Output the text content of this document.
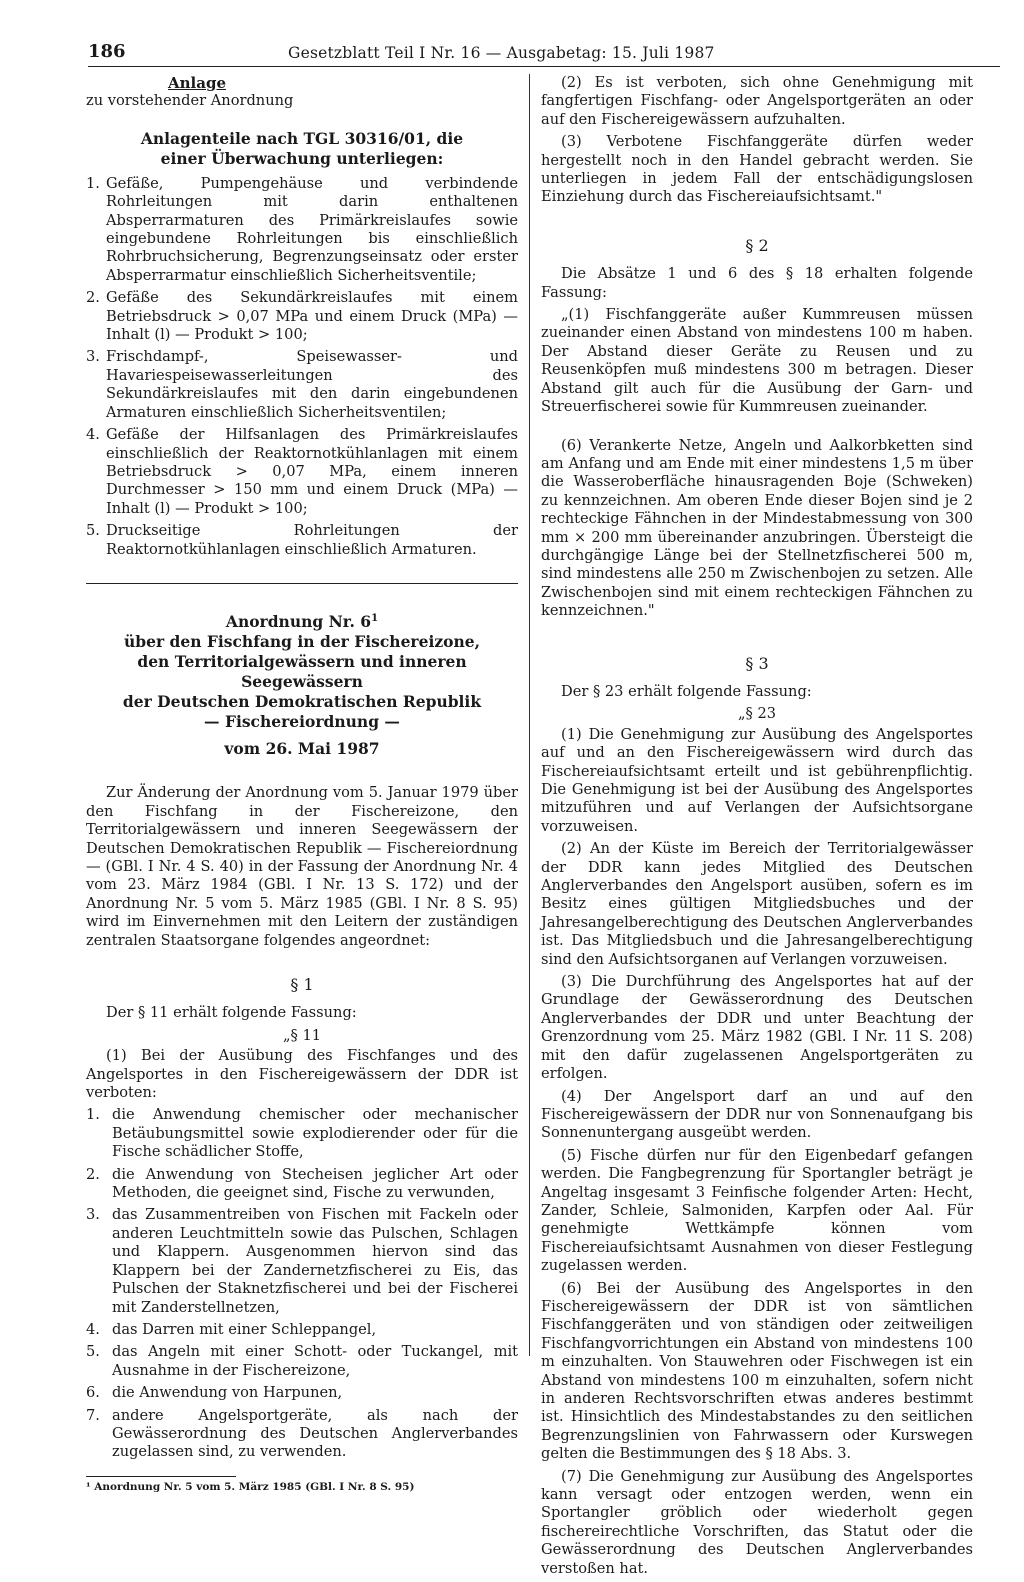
186	Gesetzblatt Teil I Nr. 16 — Ausgabetag: 15. Juli 1987
Anlage

zu vorstehender Anordnung

Anlagenteile nach TGL 30316/01, die einer Überwachung unterliegen:
1. Gefäße, Pumpengehäuse und verbindende Rohrleitungen mit darin enthaltenen Absperrarmaturen des Primärkreislaufes sowie eingebundene Rohrleitungen bis einschließlich Rohrbruchsicherung, Begrenzungseinsatz oder erster Absperrarmatur einschließlich Sicherheitsventile;
2. Gefäße des Sekundärkreislaufes mit einem Betriebsdruck > 0,07 MPa und einem Druck (MPa) — Inhalt (l) — Produkt > 100;
3. Frischdampf-, Speisewasser- und Havariespeisewasserleitungen des Sekundärkreislaufes mit den darin eingebundenen Armaturen einschließlich Sicherheitsventilen;
4. Gefäße der Hilfsanlagen des Primärkreislaufes einschließlich der Reaktornotkühlanlagen mit einem Betriebsdruck > 0,07 MPa, einem inneren Durchmesser > 150 mm und einem Druck (MPa) — Inhalt (l) — Produkt > 100;
5. Druckseitige Rohrleitungen der Reaktornotkühlanlagen einschließlich Armaturen.
Anordnung Nr. $6^1$
über den Fischfang in der Fischereizone,
den Territorialgewässern und inneren Seegewässern
der Deutschen Demokratischen Republik
— Fischereiordnung —
vom 26. Mai 1987

Zur Änderung der Anordnung vom 5. Januar 1979 über den Fischfang in der Fischereizone, den Territorialgewässern und inneren Seegewässern der Deutschen Demokratischen Republik — Fischereiordnung — (GBl. I Nr. 4 S. 40) in der Fassung der Anordnung Nr. 4 vom 23. März 1984 (GBl. I Nr. 13 S. 172) und der Anordnung Nr. 5 vom 5. März 1985 (GBl. I Nr. 8 S. 95) wird im Einvernehmen mit den Leitern der zuständigen zentralen Staatsorgane folgendes angeordnet:

§ 1

Der § 11 erhält folgende Fassung:

„§ 11

(1) Bei der Ausübung des Fischfanges und des Angelsportes in den Fischereigewässern der DDR ist verboten:

1. die Anwendung chemischer oder mechanischer Betäubungsmittel sowie explodierender oder für die Fische schädlicher Stoffe,
2. die Anwendung von Stecheisen jeglicher Art oder Methoden, die geeignet sind, Fische zu verwunden,
3. das Zusammentreiben von Fischen mit Fackeln oder anderen Leuchtmitteln sowie das Pulschen, Schlagen und Klappern. Ausgenommen hiervon sind das Klappern bei der Zandernetzfischerei zu Eis, das Pulschen der Staknetzfischerei und bei der Fischerei mit Zanderstellnetzen,
4. das Darren mit einer Schleppangel,
5. das Angeln mit einer Schott- oder Tuckangel, mit Ausnahme in der Fischereizone,
6. die Anwendung von Harpunen,
7. andere Angelsportgeräte, als nach der Gewässerordnung des Deutschen Anglerverbandes zugelassen sind, zu verwenden.
¹ Anordnung Nr. 5 vom 5. März 1985 (GBl. I Nr. 8 S. 95)

(2) Es ist verboten, sich ohne Genehmigung mit fangfertigen Fischfang- oder Angelsportgeräten an oder auf den Fischereigewässern aufzuhalten.

(3) Verbotene Fischfanggeräte dürfen weder hergestellt noch in den Handel gebracht werden. Sie unterliegen in jedem Fall der entschädigungslosen Einziehung durch das Fischereiaufsichtsamt."

§ 2

Die Absätze 1 und 6 des § 18 erhalten folgende Fassung:

„(1) Fischfanggeräte außer Kummreusen müssen zueinander einen Abstand von mindestens 100 m haben. Der Abstand dieser Geräte zu Reusen und zu Reusenköpfen muß mindestens 300 m betragen. Dieser Abstand gilt auch für die Ausübung der Garn- und Streuerfischerei sowie für Kummreusen zueinander.

(6) Verankerte Netze, Angeln und Aalkorbketten sind am Anfang und am Ende mit einer mindestens 1,5 m über die Wasseroberfläche hinausragenden Boje (Schweken) zu kennzeichnen. Am oberen Ende dieser Bojen sind je 2 rechteckige Fähnchen in der Mindestabmessung von 300 mm × 200 mm übereinander anzubringen. Übersteigt die durchgängige Länge bei der Stellnetzfischerei 500 m, sind mindestens alle 250 m Zwischenbojen zu setzen. Alle Zwischenbojen sind mit einem rechteckigen Fähnchen zu kennzeichnen."

§ 3

Der § 23 erhält folgende Fassung:

„§ 23

(1) Die Genehmigung zur Ausübung des Angelsportes auf und an den Fischereigewässern wird durch das Fischereiaufsichtsamt erteilt und ist gebührenpflichtig. Die Genehmigung ist bei der Ausübung des Angelsportes mitzuführen und auf Verlangen der Aufsichtsorgane vorzuweisen.

(2) An der Küste im Bereich der Territorialgewässer der DDR kann jedes Mitglied des Deutschen Anglerverbandes den Angelsport ausüben, sofern es im Besitz eines gültigen Mitgliedsbuches und der Jahresangelberechtigung des Deutschen Anglerverbandes ist. Das Mitgliedsbuch und die Jahresangelberechtigung sind den Aufsichtsorganen auf Verlangen vorzuweisen.

(3) Die Durchführung des Angelsportes hat auf der Grundlage der Gewässerordnung des Deutschen Anglerverbandes der DDR und unter Beachtung der Grenzordnung vom 25. März 1982 (GBl. I Nr. 11 S. 208) mit den dafür zugelassenen Angelsportgeräten zu erfolgen.

(4) Der Angelsport darf an und auf den Fischereigewässern der DDR nur von Sonnenaufgang bis Sonnenuntergang ausgeübt werden.

(5) Fische dürfen nur für den Eigenbedarf gefangen werden. Die Fangbegrenzung für Sportangler beträgt je Angeltag insgesamt 3 Feinfische folgender Arten: Hecht, Zander, Schleie, Salmoniden, Karpfen oder Aal. Für genehmigte Wettkämpfe können vom Fischereiaufsichtsamt Ausnahmen von dieser Festlegung zugelassen werden.

(6) Bei der Ausübung des Angelsportes in den Fischereigewässern der DDR ist von sämtlichen Fischfanggeräten und von ständigen oder zeitweiligen Fischfangvorrichtungen ein Abstand von mindestens 100 m einzuhalten. Von Stauwehren oder Fischwegen ist ein Abstand von mindestens 100 m einzuhalten, sofern nicht in anderen Rechtsvorschriften etwas anderes bestimmt ist. Hinsichtlich des Mindestabstandes zu den seitlichen Begrenzungslinien von Fahrwassern oder Kurswegen gelten die Bestimmungen des § 18 Abs. 3.

(7) Die Genehmigung zur Ausübung des Angelsportes kann versagt oder entzogen werden, wenn ein Sportangler gröblich oder wiederholt gegen fischereirechtliche Vorschriften, das Statut oder die Gewässerordnung des Deutschen Anglerverbandes verstoßen hat.
